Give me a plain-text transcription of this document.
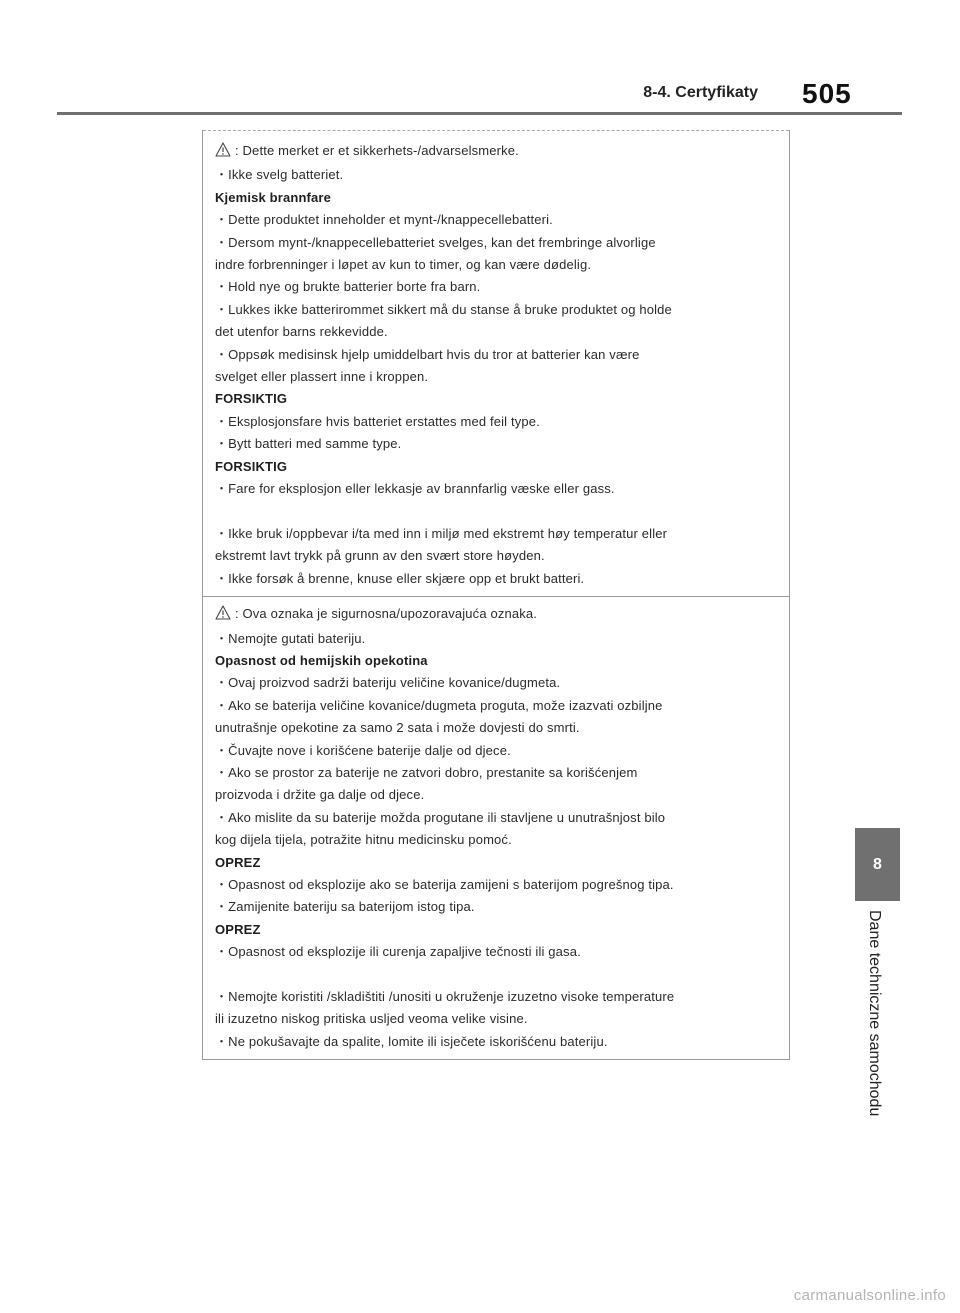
8-4. Certyfikaty 505
: Dette merket er et sikkerhets-/advarselsmerke.
・Ikke svelg batteriet.
Kjemisk brannfare
・Dette produktet inneholder et mynt-/knappecellebatteri.
・Dersom mynt-/knappecellebatteriet svelges, kan det frembringe alvorlige
indre forbrenninger i løpet av kun to timer, og kan være dødelig.
・Hold nye og brukte batterier borte fra barn.
・Lukkes ikke batterirommet sikkert må du stanse å bruke produktet og holde
det utenfor barns rekkevidde.
・Oppsøk medisinsk hjelp umiddelbart hvis du tror at batterier kan være
svelget eller plassert inne i kroppen.
FORSIKTIG
・Eksplosjonsfare hvis batteriet erstattes med feil type.
・Bytt batteri med samme type.
FORSIKTIG
・Fare for eksplosjon eller lekkasje av brannfarlig væske eller gass.
・Ikke bruk i/oppbevar i/ta med inn i miljø med ekstremt høy temperatur eller
ekstremt lavt trykk på grunn av den svært store høyden.
・Ikke forsøk å brenne, knuse eller skjære opp et brukt batteri.
: Ova oznaka je sigurnosna/upozoravajuća oznaka.
・Nemojte gutati bateriju.
Opasnost od hemijskih opekotina
・Ovaj proizvod sadrži bateriju veličine kovanice/dugmeta.
・Ako se baterija veličine kovanice/dugmeta proguta, može izazvati ozbiljne
unutrašnje opekotine za samo 2 sata i može dovjesti do smrti.
・Čuvajte nove i korišćene baterije dalje od djece.
・Ako se prostor za baterije ne zatvori dobro, prestanite sa korišćenjem
proizvoda i držite ga dalje od djece.
・Ako mislite da su baterije možda progutane ili stavljene u unutrašnjost bilo
kog dijela tijela, potražite hitnu medicinsku pomoć.
OPREZ
・Opasnost od eksplozije ako se baterija zamijeni s baterijom pogrešnog tipa.
・Zamijenite bateriju sa baterijom istog tipa.
OPREZ
・Opasnost od eksplozije ili curenja zapaljive tečnosti ili gasa.
・Nemojte koristiti /skladištiti /unositi u okruženje izuzetno visoke temperature
ili izuzetno niskog pritiska usljed veoma velike visine.
・Ne pokušavajte da spalite, lomite ili isječete iskorišćenu bateriju.
8
Dane techniczne samochodu
carmanualsonline.info
